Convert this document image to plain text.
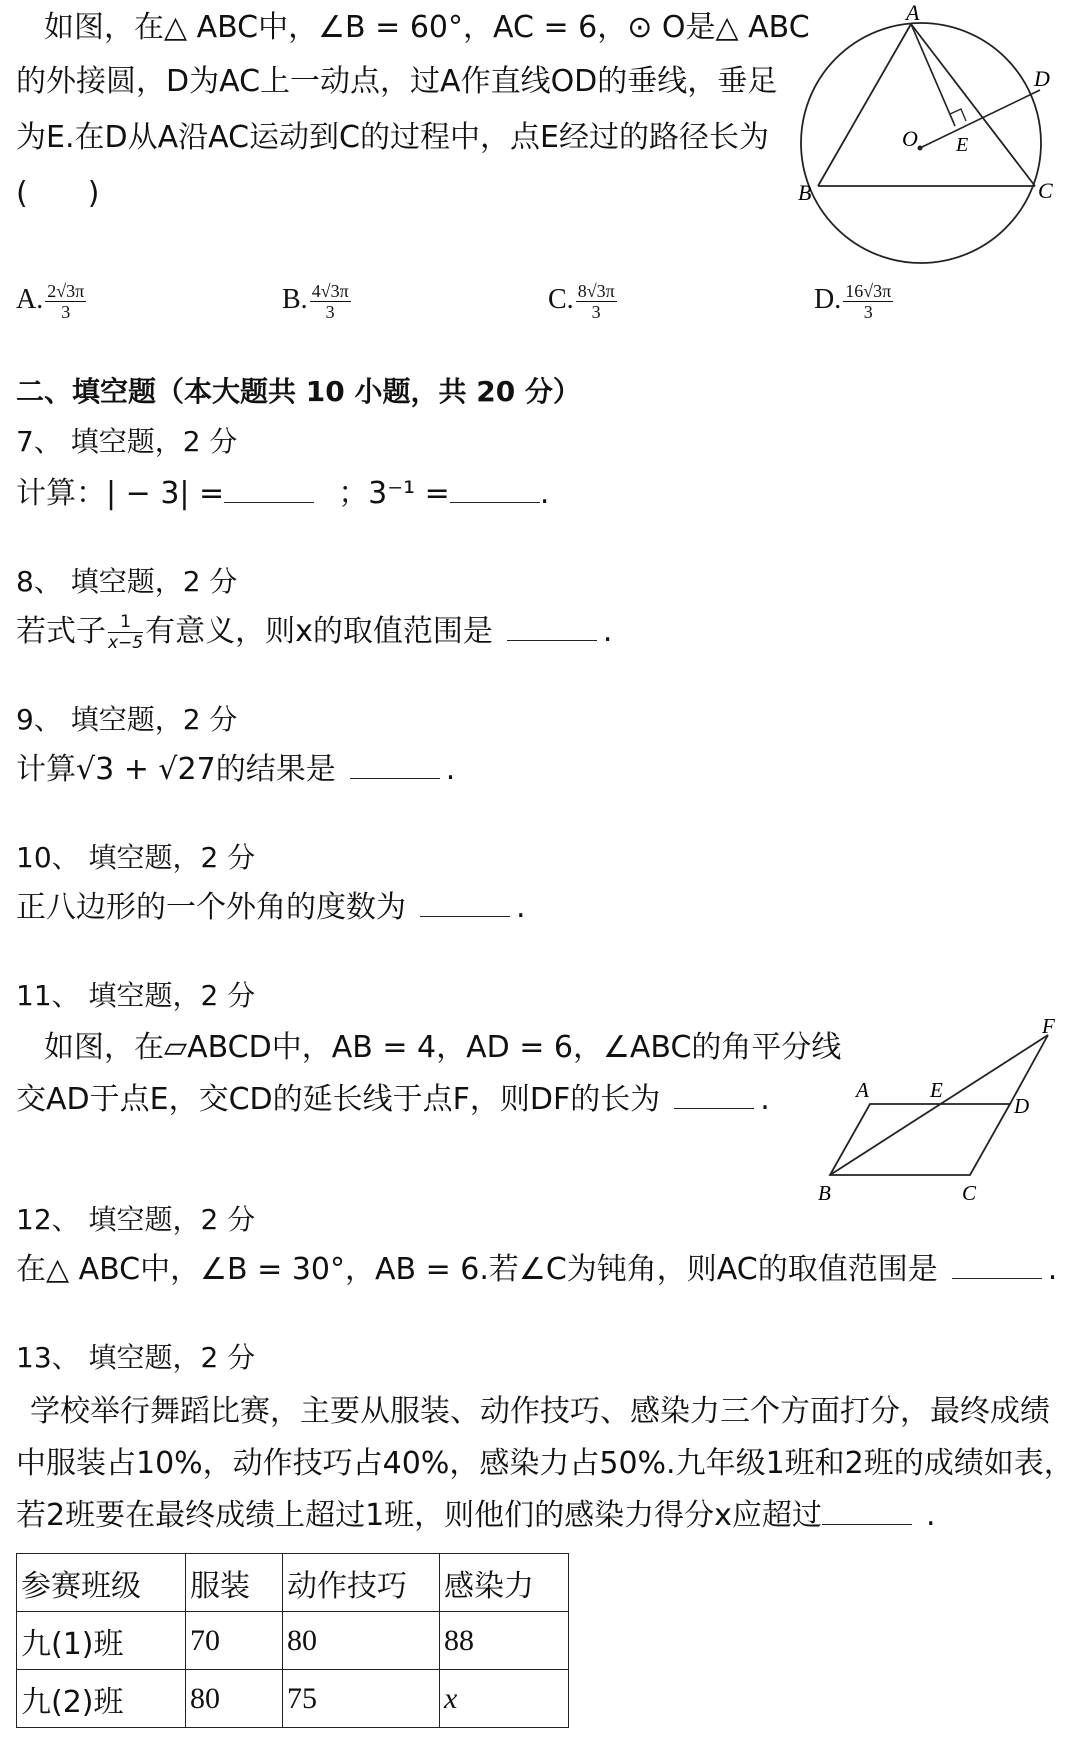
如图，在△ ABC中，∠B = 60°，AC = 6，⊙ O是△ ABC
的外接圆，D为AC上一动点，过A作直线OD的垂线，垂足
为E.在D从A沿AC运动到C的过程中，点E经过的路径长为
(　　)
A
B	C
D
O E
A. $\frac{2√3\pi}{3}$	B. $\frac{4√3\pi}{3}$	C. $\frac{8√3\pi}{3}$	D. $\frac{16√3\pi}{3}$
二、填空题（本大题共 10 小题，共 20 分）
7、 填空题，2 分
计算：| − 3| =	；3⁻¹ =	.
8、 填空题，2 分
若式子 $\frac{1}{x-5}$ 有意义，则x的取值范围是	.
9、 填空题，2 分
计算√3 + √27的结果是	.
10、 填空题，2 分
正八边形的一个外角的度数为	.
11、 填空题，2 分
如图，在▱ABCD中，AB = 4，AD = 6，∠ABC的角平分线
交AD于点E，交CD的延长线于点F，则DF的长为	.	A	E
D
F
B	C
12、 填空题，2 分
在△ ABC中，∠B = 30°，AB = 6.若∠C为钝角，则AC的取值范围是	.
13、 填空题，2 分
学校举行舞蹈比赛，主要从服装、动作技巧、感染力三个方面打分，最终成绩
中服装占10%，动作技巧占40%，感染力占50%.九年级1班和2班的成绩如表，
若2班要在最终成绩上超过1班，则他们的感染力得分x应超过	.
参赛班级	服装	动作技巧	感染力
九(1)班	70	80	88
九(2)班	80	75	x
